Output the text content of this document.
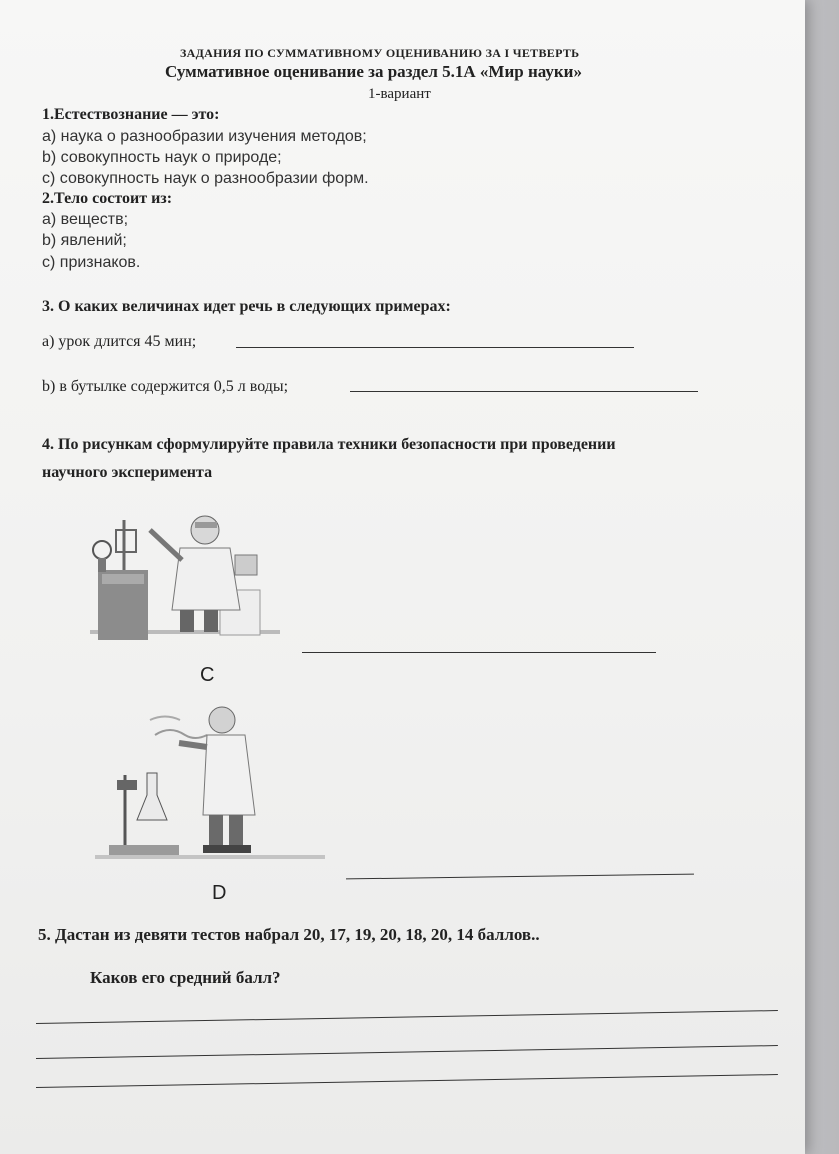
ЗАДАНИЯ ПО СУММАТИВНОМУ ОЦЕНИВАНИЮ ЗА I ЧЕТВЕРТЬ
Суммативное оценивание за раздел 5.1А «Мир науки»
1-вариант
1.Естествознание — это:
а) наука о разнообразии изучения методов;
b) совокупность наук о природе;
с) совокупность наук о разнообразии форм.
2.Тело состоит из:
а) веществ;
b) явлений;
с) признаков.
3. О каких величинах идет речь в следующих примерах:
а) урок длится 45 мин;
b) в бутылке содержится 0,5 л воды;
4. По рисункам сформулируйте правила техники безопасности при проведении
научного эксперимента
С
D
5. Дастан из девяти тестов набрал 20, 17, 19, 20, 18, 20, 14 баллов..
Каков его средний балл?
